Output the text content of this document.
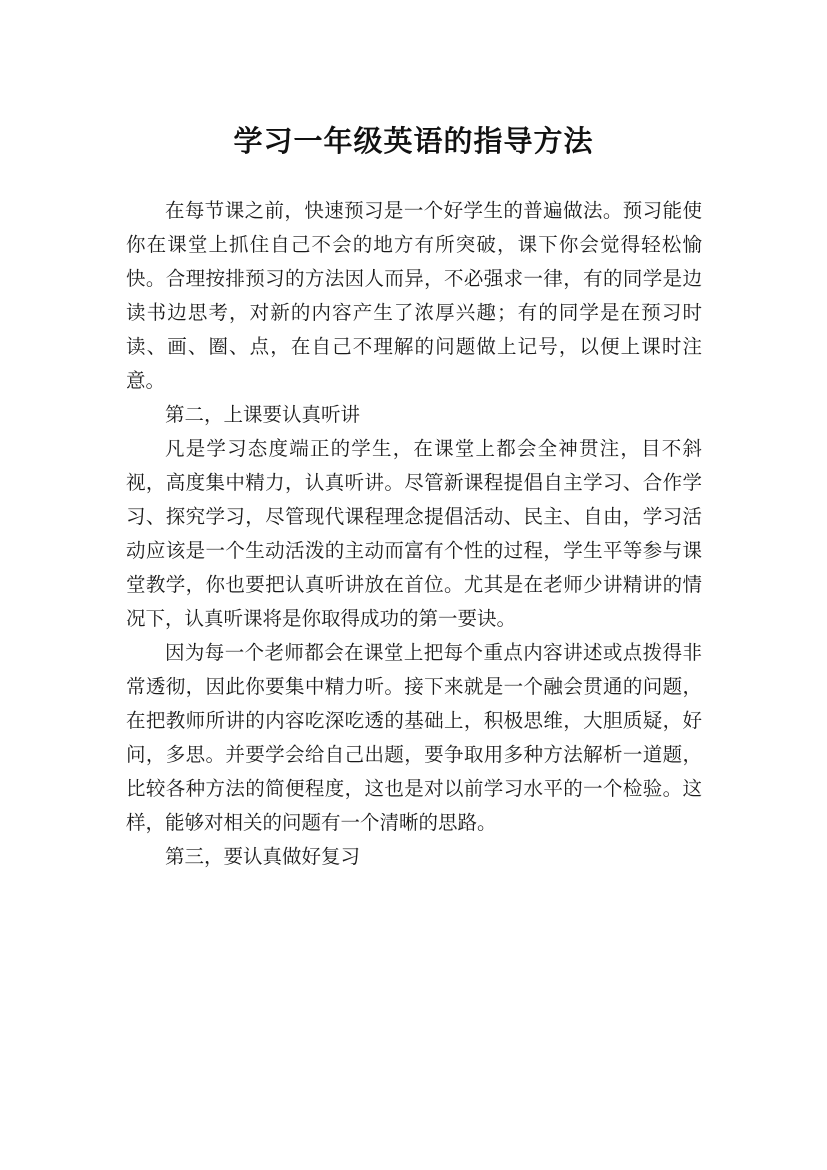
学习一年级英语的指导方法

在每节课之前，快速预习是一个好学生的普遍做法。预习能使你在课堂上抓住自己不会的地方有所突破，课下你会觉得轻松愉快。合理按排预习的方法因人而异，不必强求一律，有的同学是边读书边思考，对新的内容产生了浓厚兴趣；有的同学是在预习时读、画、圈、点，在自己不理解的问题做上记号，以便上课时注意。

第二，上课要认真听讲

凡是学习态度端正的学生，在课堂上都会全神贯注，目不斜视，高度集中精力，认真听讲。尽管新课程提倡自主学习、合作学习、探究学习，尽管现代课程理念提倡活动、民主、自由，学习活动应该是一个生动活泼的主动而富有个性的过程，学生平等参与课堂教学，你也要把认真听讲放在首位。尤其是在老师少讲精讲的情况下，认真听课将是你取得成功的第一要诀。

因为每一个老师都会在课堂上把每个重点内容讲述或点拨得非常透彻，因此你要集中精力听。接下来就是一个融会贯通的问题，在把教师所讲的内容吃深吃透的基础上，积极思维，大胆质疑，好问，多思。并要学会给自己出题，要争取用多种方法解析一道题，比较各种方法的简便程度，这也是对以前学习水平的一个检验。这样，能够对相关的问题有一个清晰的思路。

第三，要认真做好复习
